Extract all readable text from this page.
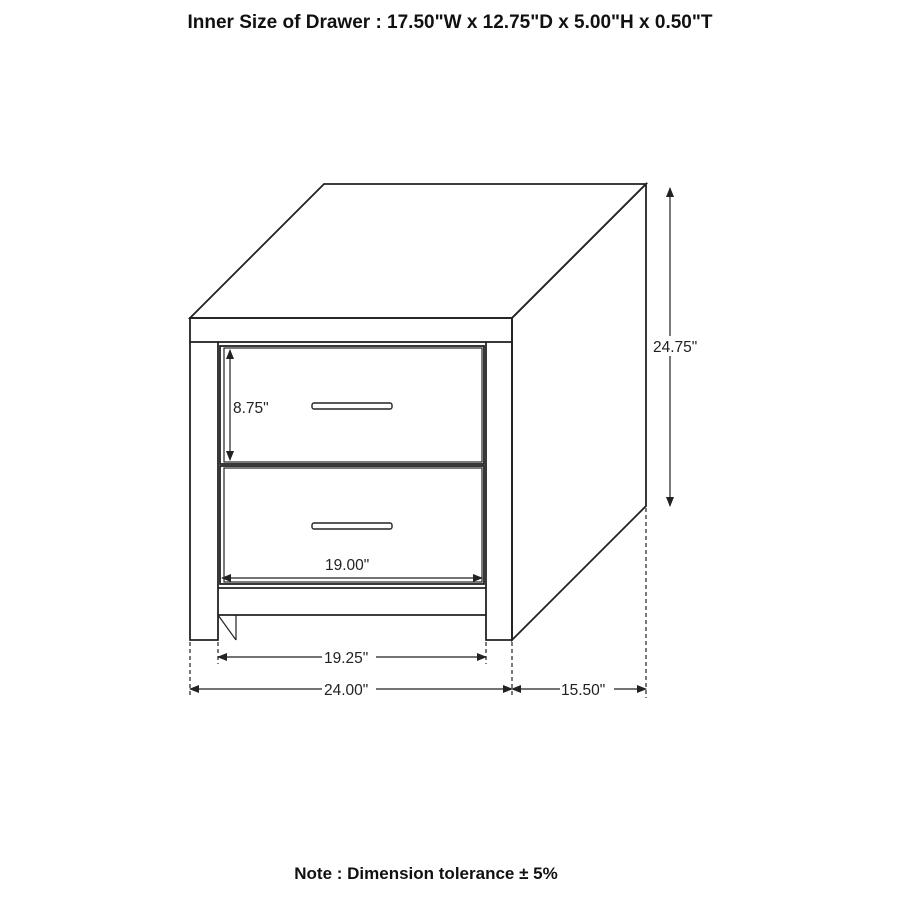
Inner Size of Drawer : 17.50"W x 12.75"D x 5.00"H x 0.50"T
24.75"
8.75"
19.00"
19.25"
24.00"	15.50"
Note : Dimension tolerance ± 5%
